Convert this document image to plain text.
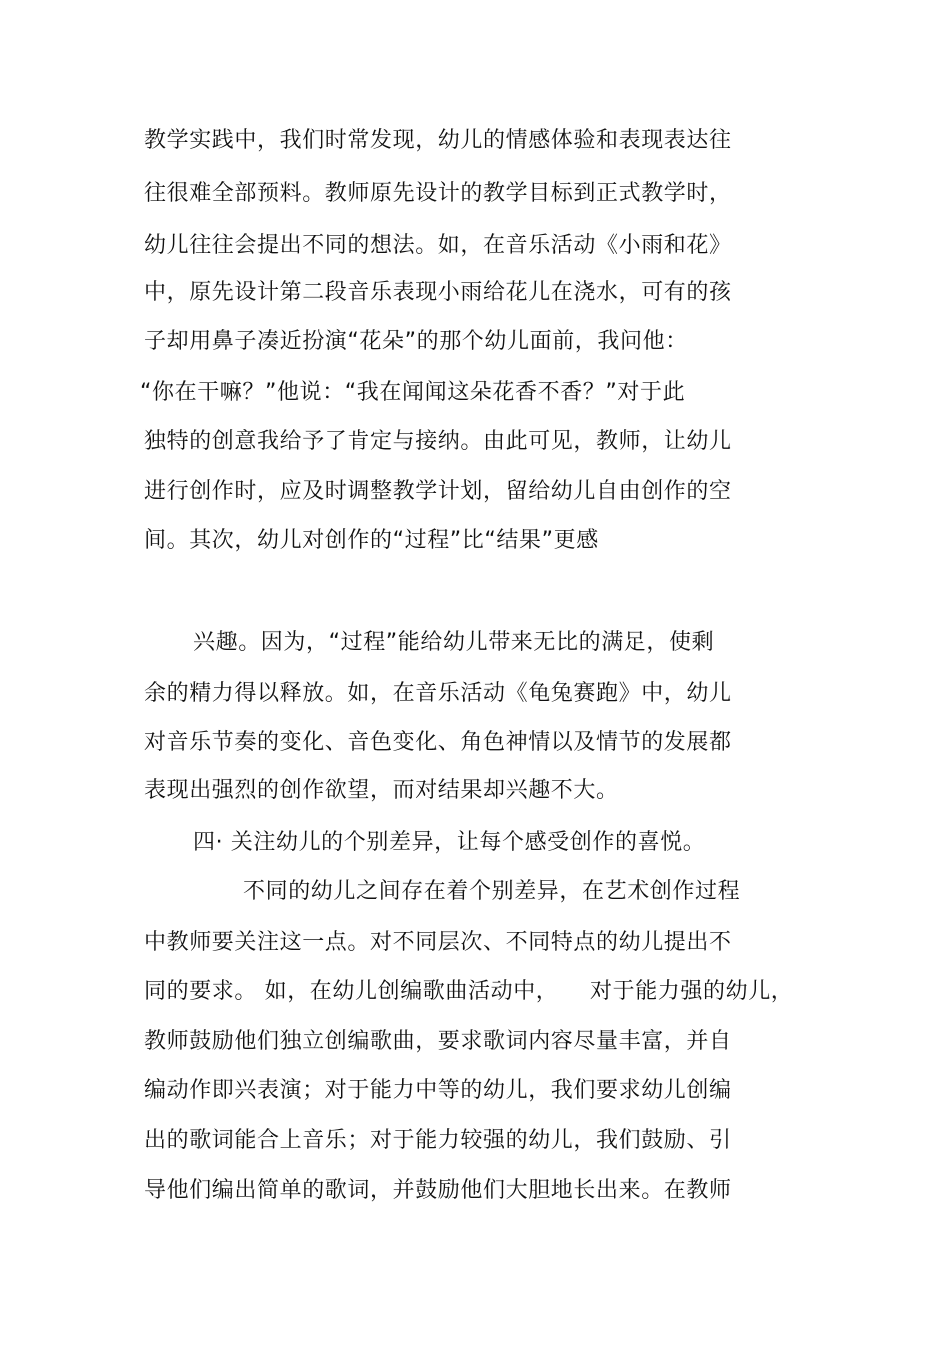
教学实践中，我们时常发现，幼儿的情感体验和表现表达往
往很难全部预料。教师原先设计的教学目标到正式教学时，
幼儿往往会提出不同的想法。如，在音乐活动《小雨和花》
中，原先设计第二段音乐表现小雨给花儿在浇水，可有的孩
子却用鼻子凑近扮演“花朵”的那个幼儿面前，我问他：
“你在干嘛？”他说：“我在闻闻这朵花香不香？”对于此
独特的创意我给予了肯定与接纳。由此可见，教师，让幼儿
进行创作时，应及时调整教学计划，留给幼儿自由创作的空
间。其次，幼儿对创作的“过程”比“结果”更感
兴趣。因为，“过程”能给幼儿带来无比的满足，使剩
余的精力得以释放。如，在音乐活动《龟兔赛跑》中，幼儿
对音乐节奏的变化、音色变化、角色神情以及情节的发展都
表现出强烈的创作欲望，而对结果却兴趣不大。
四· 关注幼儿的个别差异，让每个感受创作的喜悦。
不同的幼儿之间存在着个别差异，在艺术创作过程
中教师要关注这一点。对不同层次、不同特点的幼儿提出不
同的要求。 如，在幼儿创编歌曲活动中， 对于能力强的幼儿，
教师鼓励他们独立创编歌曲，要求歌词内容尽量丰富，并自
编动作即兴表演；对于能力中等的幼儿，我们要求幼儿创编
出的歌词能合上音乐；对于能力较强的幼儿，我们鼓励、引
导他们编出简单的歌词，并鼓励他们大胆地长出来。在教师
